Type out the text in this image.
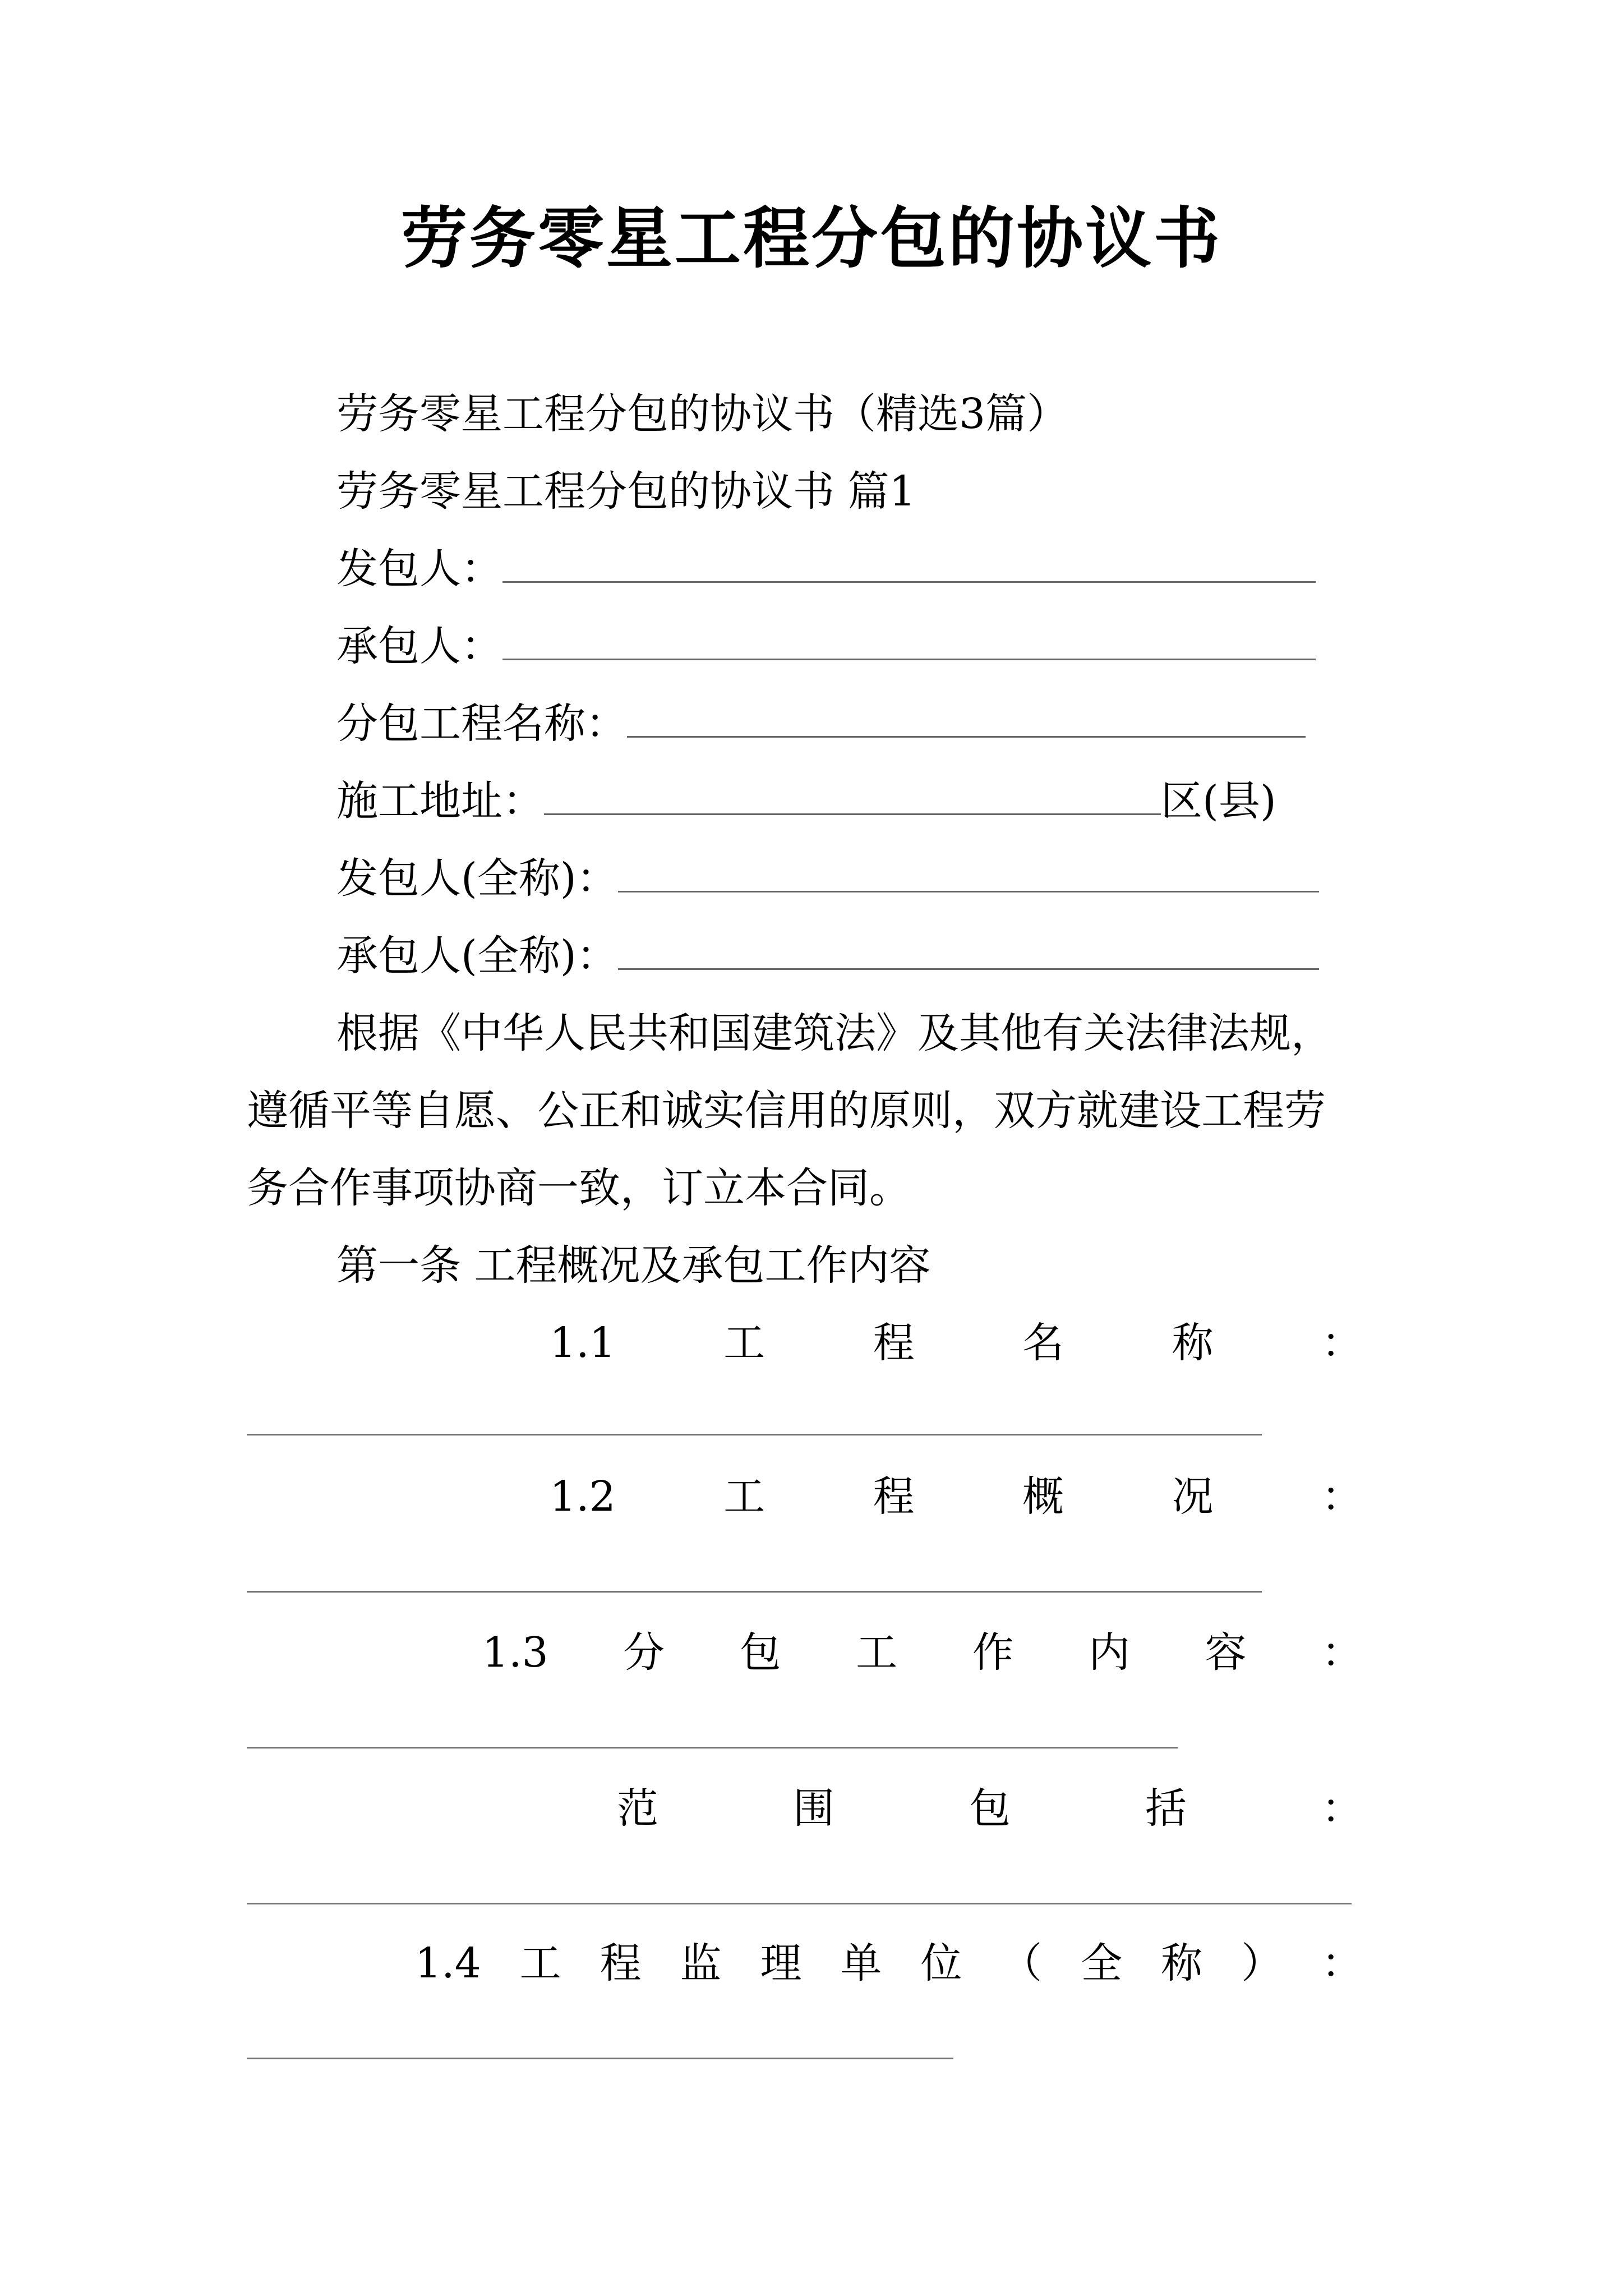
劳务零星工程分包的协议书
劳务零星工程分包的协议书（精选3篇）
劳务零星工程分包的协议书 篇1
发包人：
承包人：
分包工程名称：
施工地址：	区(县)
发包人(全称)：
承包人(全称)：
根据《中华人民共和国建筑法》及其他有关法律法规，
遵循平等自愿、公正和诚实信用的原则，双方就建设工程劳
务合作事项协商一致，订立本合同。
第一条 工程概况及承包工作内容
1.1	工	程	名	称	：
1.2	工	程	概	况	：
1.3 分 包 工 作 内 容 ：
范	围	包	括	：
1.4 工 程 监 理 单 位 （ 全 称 ） ：
